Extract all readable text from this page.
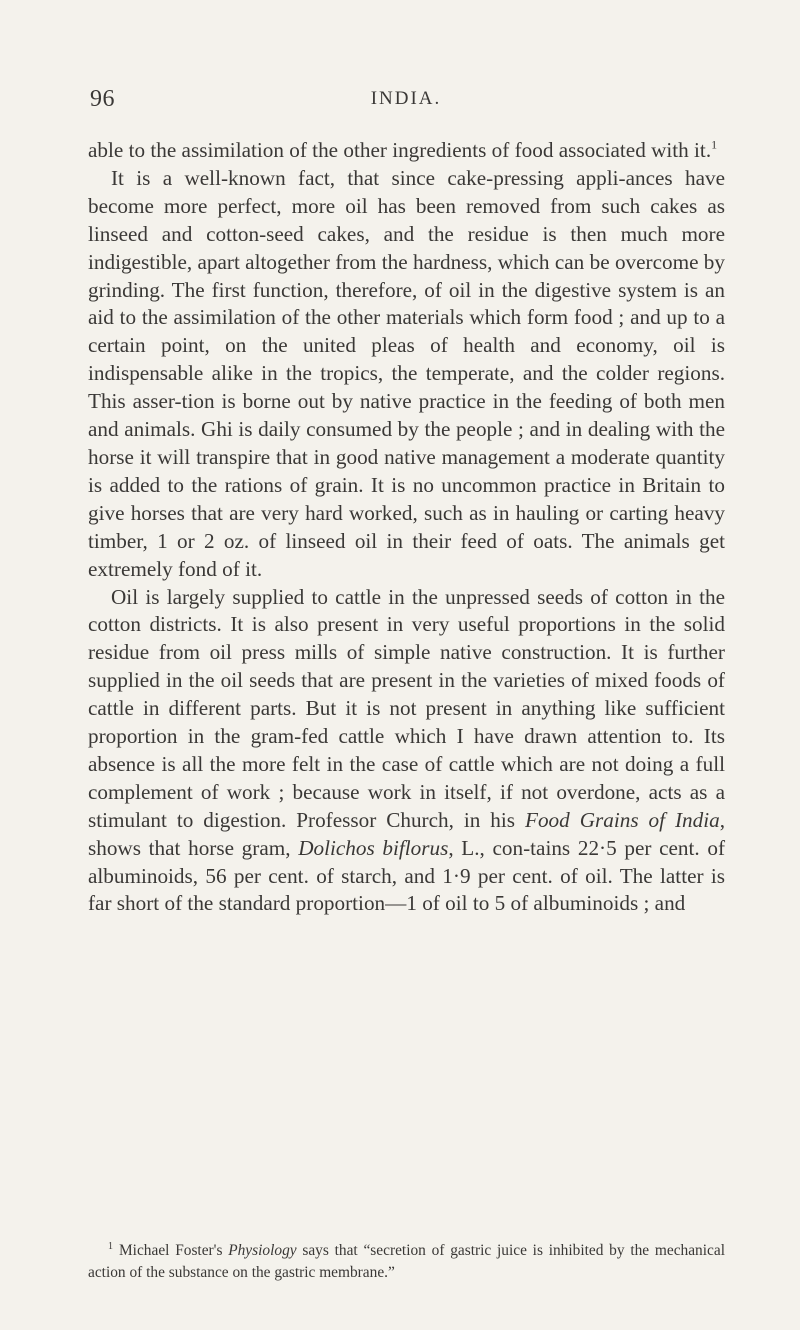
96	INDIA.

able to the assimilation of the other ingredients of food associated with it.$^1$

It is a well-known fact, that since cake-pressing appli-ances have become more perfect, more oil has been removed from such cakes as linseed and cotton-seed cakes, and the residue is then much more indigestible, apart altogether from the hardness, which can be overcome by grinding. The first function, therefore, of oil in the digestive system is an aid to the assimilation of the other materials which form food ; and up to a certain point, on the united pleas of health and economy, oil is indispensable alike in the tropics, the temperate, and the colder regions. This asser-tion is borne out by native practice in the feeding of both men and animals. Ghi is daily consumed by the people ; and in dealing with the horse it will transpire that in good native management a moderate quantity is added to the rations of grain. It is no uncommon practice in Britain to give horses that are very hard worked, such as in hauling or carting heavy timber, 1 or 2 oz. of linseed oil in their feed of oats. The animals get extremely fond of it.

Oil is largely supplied to cattle in the unpressed seeds of cotton in the cotton districts. It is also present in very useful proportions in the solid residue from oil press mills of simple native construction. It is further supplied in the oil seeds that are present in the varieties of mixed foods of cattle in different parts. But it is not present in anything like sufficient proportion in the gram-fed cattle which I have drawn attention to. Its absence is all the more felt in the case of cattle which are not doing a full complement of work ; because work in itself, if not overdone, acts as a stimulant to digestion. Professor Church, in his Food Grains of India, shows that horse gram, Dolichos biflorus, L., con-tains 22·5 per cent. of albuminoids, 56 per cent. of starch, and 1·9 per cent. of oil. The latter is far short of the standard proportion—1 of oil to 5 of albuminoids ; and

$^1$ Michael Foster's Physiology says that “secretion of gastric juice is inhibited by the mechanical action of the substance on the gastric membrane.”
